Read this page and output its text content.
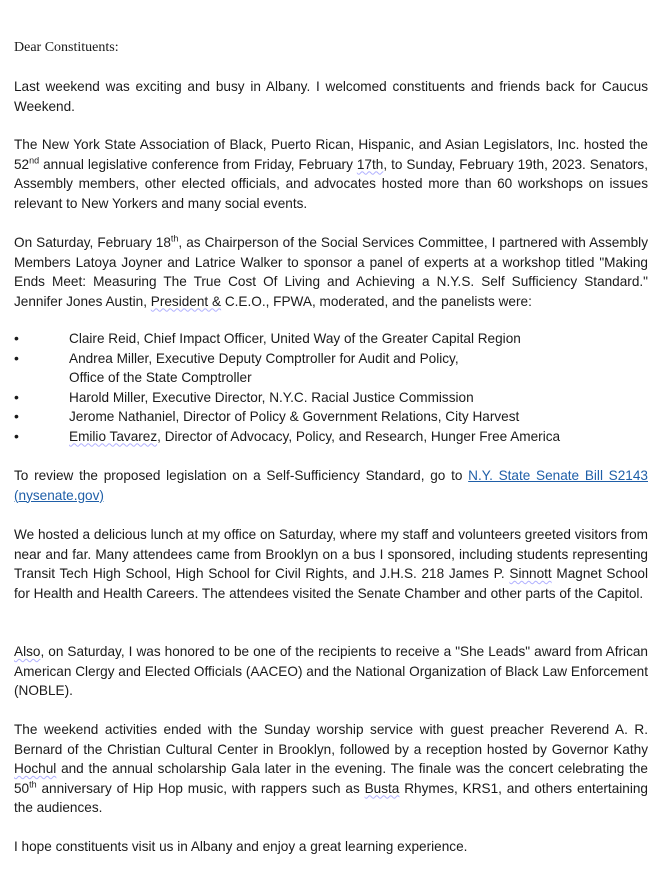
Dear Constituents:

Last weekend was exciting and busy in Albany. I welcomed constituents and friends back for Caucus Weekend.

The New York State Association of Black, Puerto Rican, Hispanic, and Asian Legislators, Inc. hosted the 52nd annual legislative conference from Friday, February 17th, to Sunday, February 19th, 2023. Senators, Assembly members, other elected officials, and advocates hosted more than 60 workshops on issues relevant to New Yorkers and many social events.

On Saturday, February 18th, as Chairperson of the Social Services Committee, I partnered with Assembly Members Latoya Joyner and Latrice Walker to sponsor a panel of experts at a workshop titled "Making Ends Meet: Measuring The True Cost Of Living and Achieving a N.Y.S. Self Sufficiency Standard." Jennifer Jones Austin, President & C.E.O., FPWA, moderated, and the panelists were:

•	Claire Reid, Chief Impact Officer, United Way of the Greater Capital Region
•	Andrea Miller, Executive Deputy Comptroller for Audit and Policy,
Office of the State Comptroller
•	Harold Miller, Executive Director, N.Y.C. Racial Justice Commission
•	Jerome Nathaniel, Director of Policy & Government Relations, City Harvest
•	Emilio Tavarez, Director of Advocacy, Policy, and Research, Hunger Free America

To review the proposed legislation on a Self-Sufficiency Standard, go to N.Y. State Senate Bill S2143 (nysenate.gov)

We hosted a delicious lunch at my office on Saturday, where my staff and volunteers greeted visitors from near and far. Many attendees came from Brooklyn on a bus I sponsored, including students representing Transit Tech High School, High School for Civil Rights, and J.H.S. 218 James P. Sinnott Magnet School for Health and Health Careers. The attendees visited the Senate Chamber and other parts of the Capitol.

Also, on Saturday, I was honored to be one of the recipients to receive a "She Leads" award from African American Clergy and Elected Officials (AACEO) and the National Organization of Black Law Enforcement (NOBLE).

The weekend activities ended with the Sunday worship service with guest preacher Reverend A. R. Bernard of the Christian Cultural Center in Brooklyn, followed by a reception hosted by Governor Kathy Hochul and the annual scholarship Gala later in the evening. The finale was the concert celebrating the 50th anniversary of Hip Hop music, with rappers such as Busta Rhymes, KRS1, and others entertaining the audiences.

I hope constituents visit us in Albany and enjoy a great learning experience.
